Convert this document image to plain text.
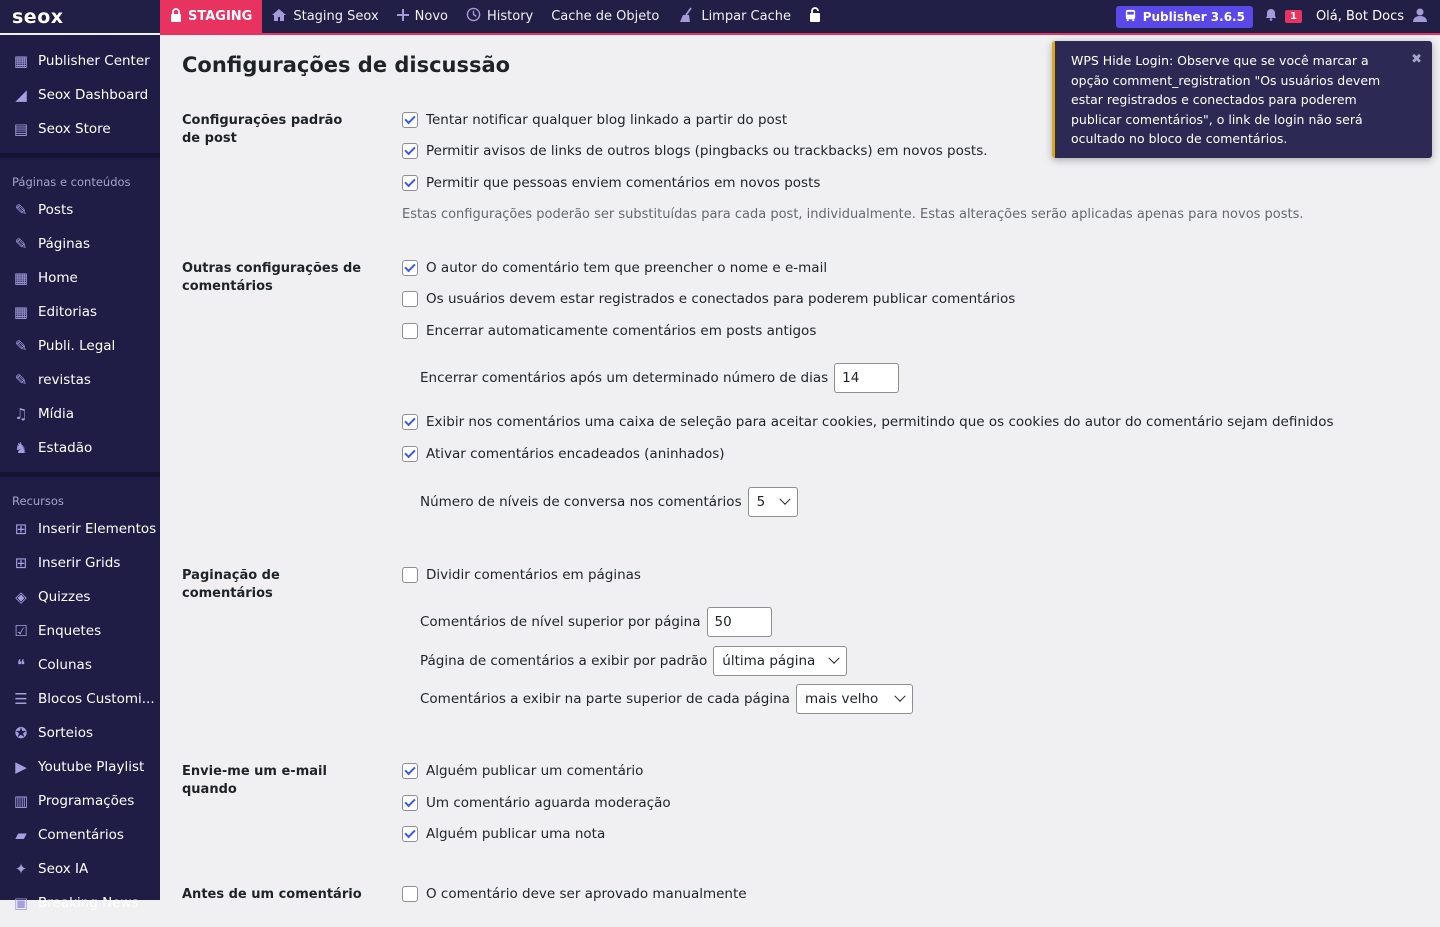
seox	STAGING	Staging Seox	Novo	History Cache de Objeto	Limpar Cache	Publisher 3.6.5	1	Olá, Bot Docs
▦ Publisher Center
◢ Seox Dashboard
▤ Seox Store
Páginas e conteúdos
✎ Posts
✎ Páginas
▦ Home
▦ Editorias
✎ Publi. Legal
✎ revistas
♫ Mídia
♞ Estadão
Recursos
⊞ Inserir Elementos
⊞ Inserir Grids
◈ Quizzes
☑ Enquetes
❝ Colunas
☰ Blocos Customi...
✪ Sorteios
▶ Youtube Playlist
▥ Programações
▰ Comentários
✦ Seox IA
▣ Breaking News
Configurações de discussão
Configurações padrão de post
Tentar notificar qualquer blog linkado a partir do post
Permitir avisos de links de outros blogs (pingbacks ou trackbacks) em novos posts.
Permitir que pessoas enviem comentários em novos posts
Estas configurações poderão ser substituídas para cada post, individualmente. Estas alterações serão aplicadas apenas para novos posts.
Outras configurações de comentários
O autor do comentário tem que preencher o nome e e-mail
Os usuários devem estar registrados e conectados para poderem publicar comentários
Encerrar automaticamente comentários em posts antigos
Encerrar comentários após um determinado número de dias	14
Exibir nos comentários uma caixa de seleção para aceitar cookies, permitindo que os cookies do autor do comentário sejam definidos
Ativar comentários encadeados (aninhados)
Número de níveis de conversa nos comentários 5
Paginação de comentários
Dividir comentários em páginas
Comentários de nível superior por página	50
Página de comentários a exibir por padrão última página
Comentários a exibir na parte superior de cada página mais velho
Envie-me um e-mail quando
Alguém publicar um comentário
Um comentário aguarda moderação
Alguém publicar uma nota
Antes de um comentário	O comentário deve ser aprovado manualmente
WPS Hide Login: Observe que se você marcar a opção comment_registration "Os usuários devem estar registrados e conectados para poderem publicar comentários", o link de login não será ocultado no bloco de comentários.
✖
